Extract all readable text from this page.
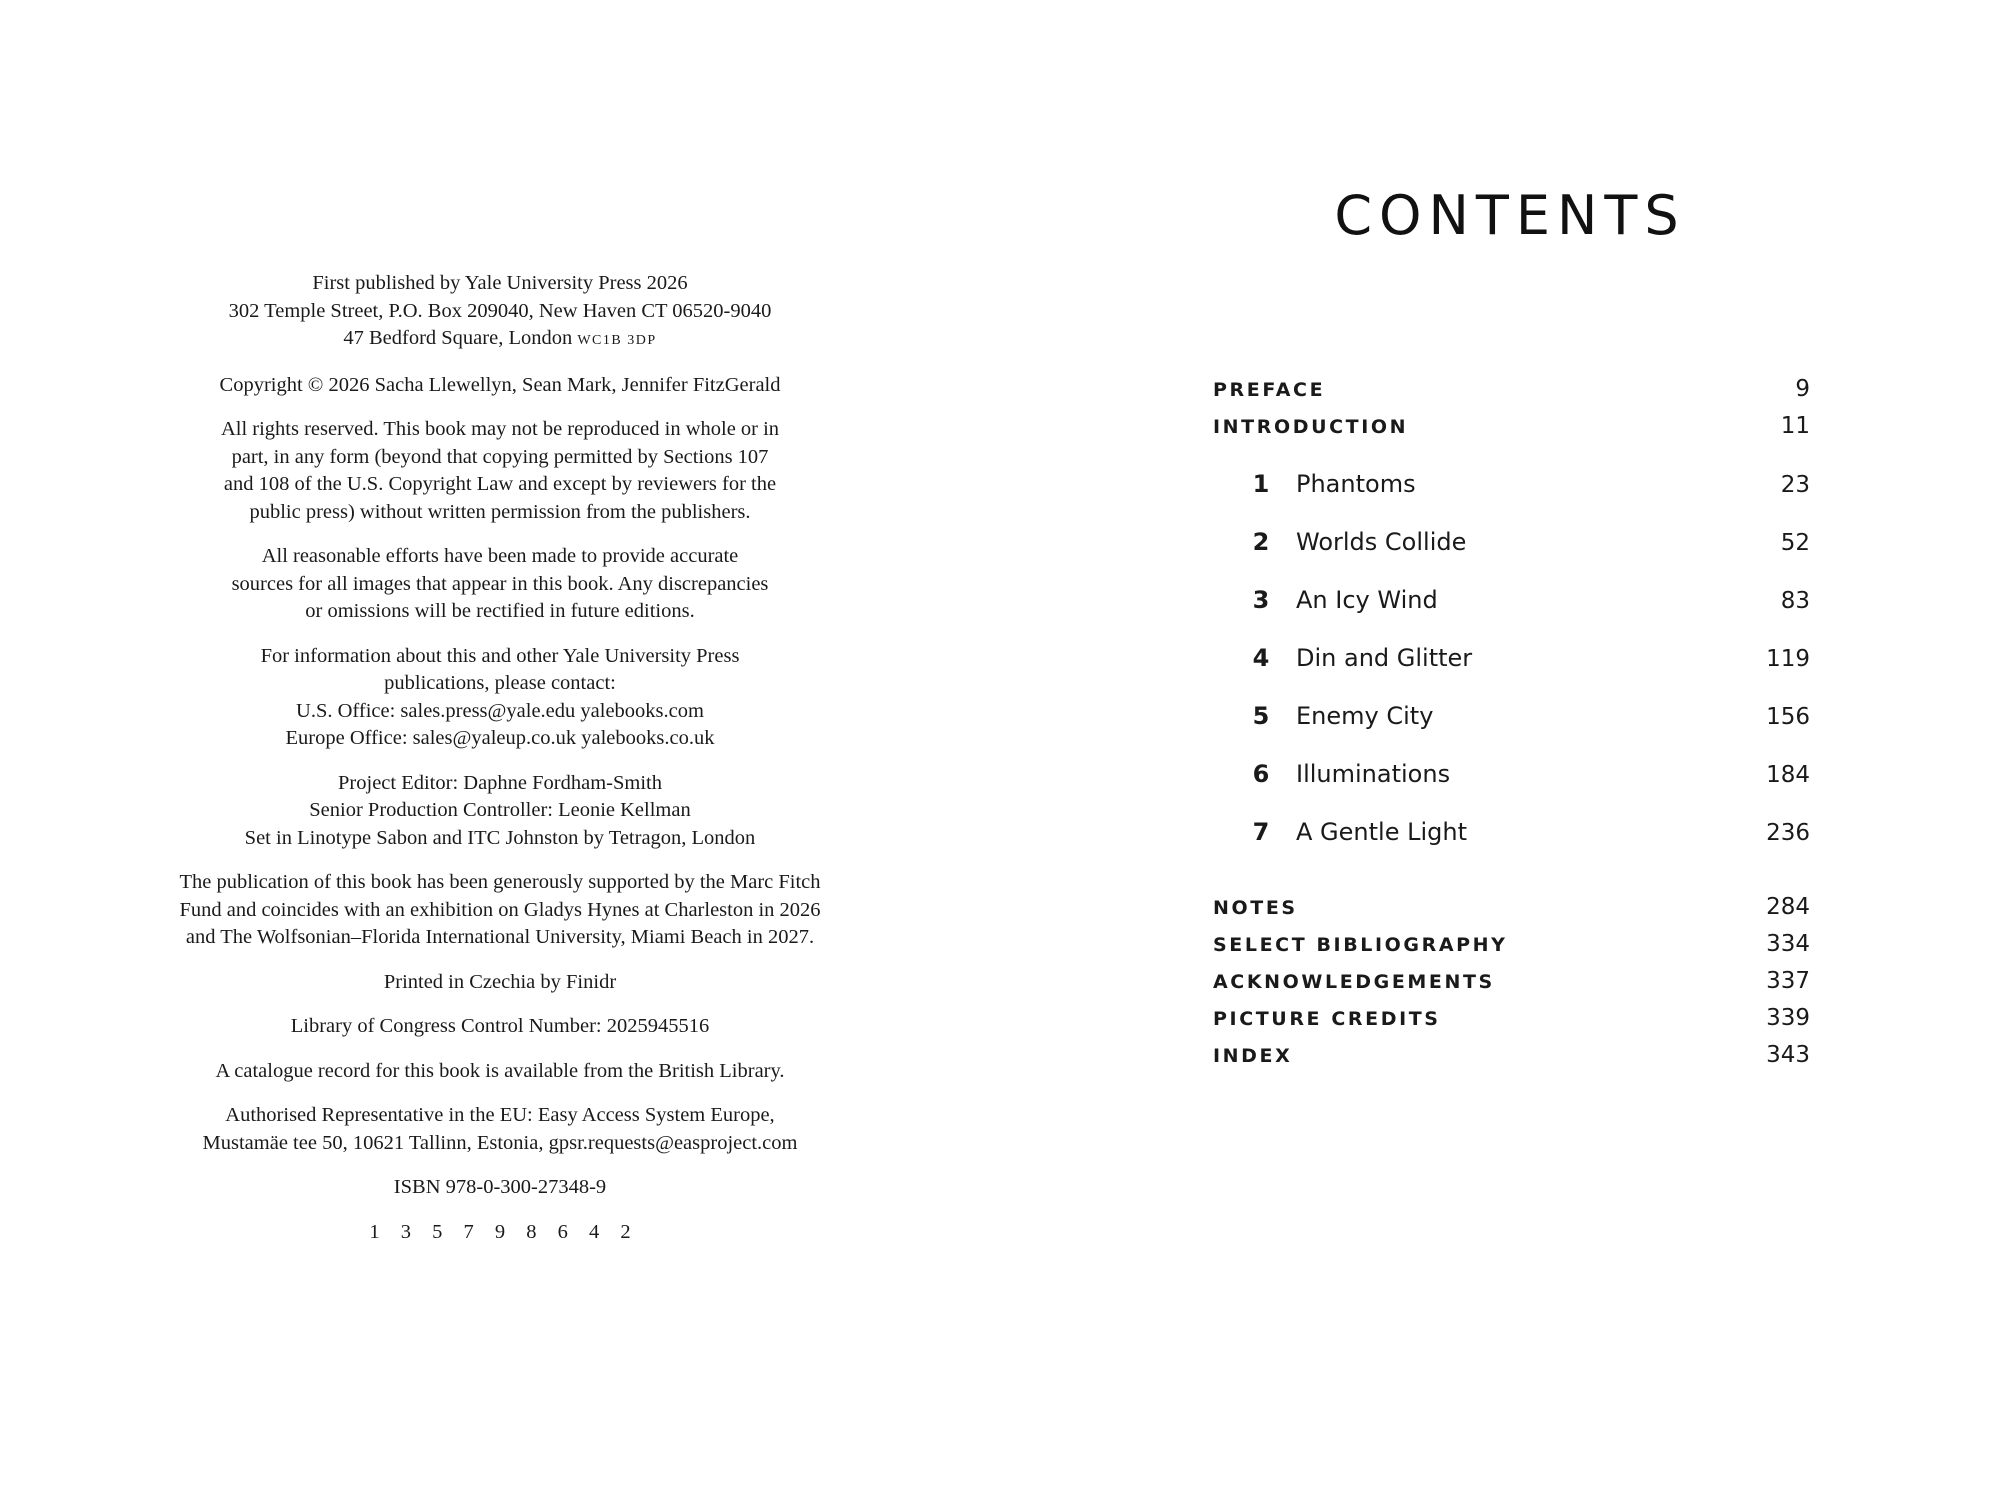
First published by Yale University Press 2026
302 Temple Street, P.O. Box 209040, New Haven CT 06520-9040
47 Bedford Square, London WC1B 3DP
Copyright © 2026 Sacha Llewellyn, Sean Mark, Jennifer FitzGerald
All rights reserved. This book may not be reproduced in whole or in
part, in any form (beyond that copying permitted by Sections 107
and 108 of the U.S. Copyright Law and except by reviewers for the
public press) without written permission from the publishers.
All reasonable efforts have been made to provide accurate
sources for all images that appear in this book. Any discrepancies
or omissions will be rectified in future editions.
For information about this and other Yale University Press
publications, please contact:
U.S. Office: sales.press@yale.edu yalebooks.com
Europe Office: sales@yaleup.co.uk yalebooks.co.uk
Project Editor: Daphne Fordham-Smith
Senior Production Controller: Leonie Kellman
Set in Linotype Sabon and ITC Johnston by Tetragon, London
The publication of this book has been generously supported by the Marc Fitch
Fund and coincides with an exhibition on Gladys Hynes at Charleston in 2026
and The Wolfsonian–Florida International University, Miami Beach in 2027.
Printed in Czechia by Finidr
Library of Congress Control Number: 2025945516
A catalogue record for this book is available from the British Library.
Authorised Representative in the EU: Easy Access System Europe,
Mustamäe tee 50, 10621 Tallinn, Estonia, gpsr.requests@easproject.com
ISBN 978-0-300-27348-9
1 3 5 7 9 8 6 4 2
CONTENTS
PREFACE	9
INTRODUCTION	11
1	Phantoms	23
2	Worlds Collide	52
3	An Icy Wind	83
4	Din and Glitter	119
5	Enemy City	156
6	Illuminations	184
7	A Gentle Light	236
NOTES	284
SELECT BIBLIOGRAPHY	334
ACKNOWLEDGEMENTS	337
PICTURE CREDITS	339
INDEX	343
